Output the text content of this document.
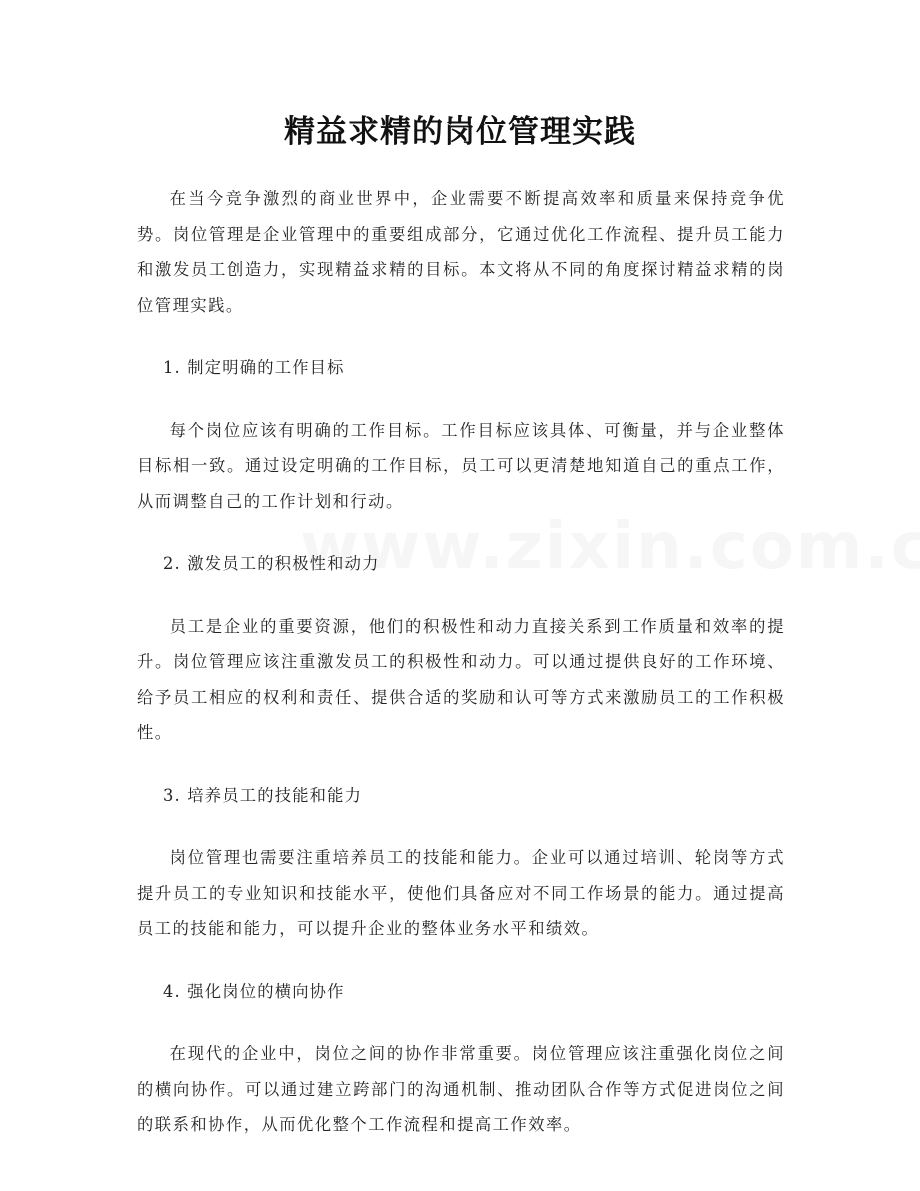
精益求精的岗位管理实践

在当今竞争激烈的商业世界中，企业需要不断提高效率和质量来保持竞争优势。岗位管理是企业管理中的重要组成部分，它通过优化工作流程、提升员工能力和激发员工创造力，实现精益求精的目标。本文将从不同的角度探讨精益求精的岗位管理实践。

1. 制定明确的工作目标

每个岗位应该有明确的工作目标。工作目标应该具体、可衡量，并与企业整体目标相一致。通过设定明确的工作目标，员工可以更清楚地知道自己的重点工作，从而调整自己的工作计划和行动。

2. 激发员工的积极性和动力

员工是企业的重要资源，他们的积极性和动力直接关系到工作质量和效率的提升。岗位管理应该注重激发员工的积极性和动力。可以通过提供良好的工作环境、给予员工相应的权利和责任、提供合适的奖励和认可等方式来激励员工的工作积极性。

3. 培养员工的技能和能力

岗位管理也需要注重培养员工的技能和能力。企业可以通过培训、轮岗等方式提升员工的专业知识和技能水平，使他们具备应对不同工作场景的能力。通过提高员工的技能和能力，可以提升企业的整体业务水平和绩效。

4. 强化岗位的横向协作

在现代的企业中，岗位之间的协作非常重要。岗位管理应该注重强化岗位之间的横向协作。可以通过建立跨部门的沟通机制、推动团队合作等方式促进岗位之间的联系和协作，从而优化整个工作流程和提高工作效率。
